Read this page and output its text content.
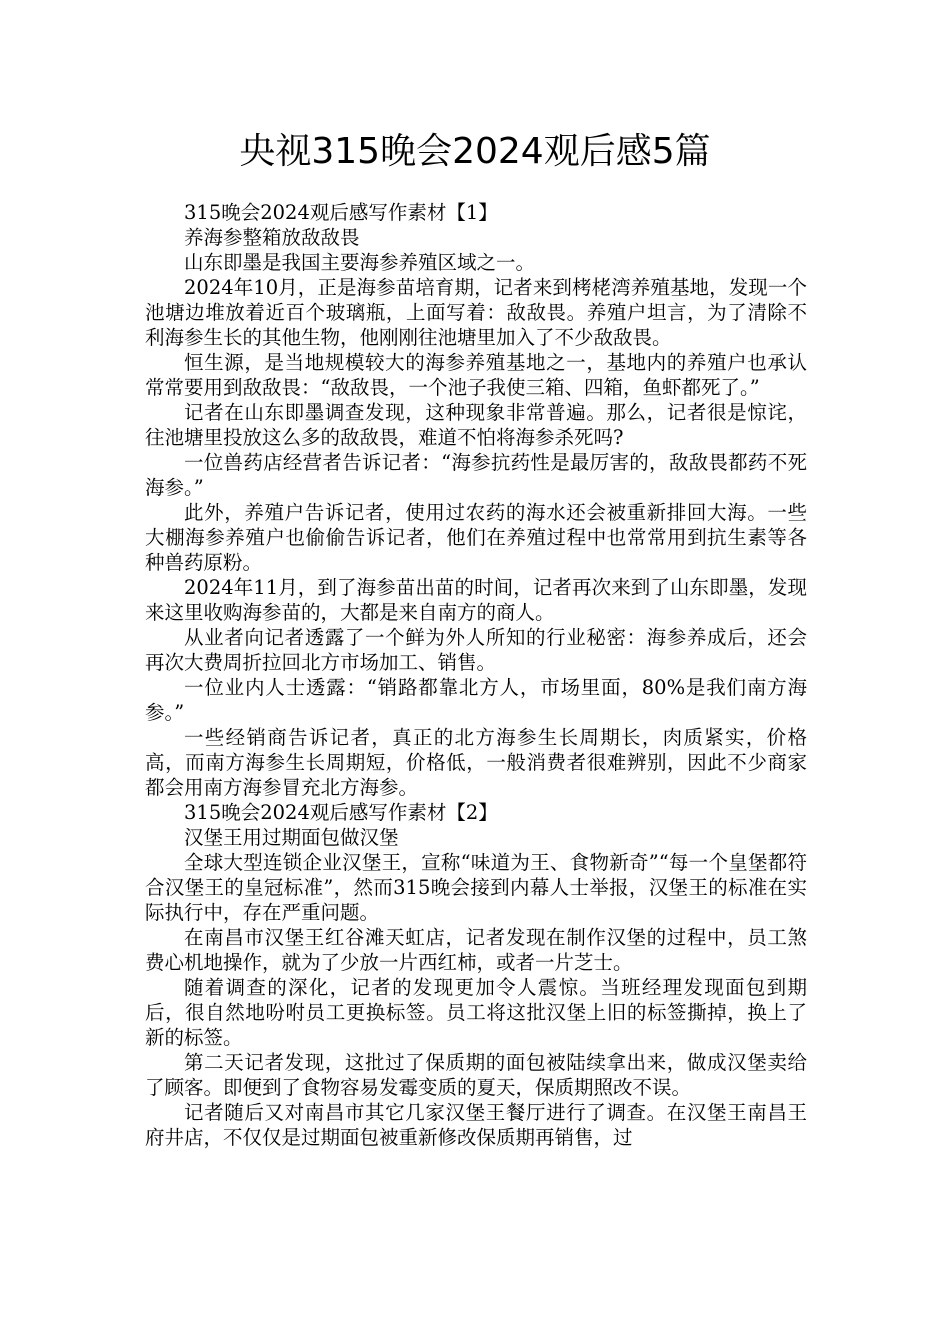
央视315晚会2024观后感5篇

315晚会2024观后感写作素材【1】

养海参整箱放敌敌畏

山东即墨是我国主要海参养殖区域之一。

2024年10月，正是海参苗培育期，记者来到栲栳湾养殖基地，发现一个池塘边堆放着近百个玻璃瓶，上面写着：敌敌畏。养殖户坦言，为了清除不利海参生长的其他生物，他刚刚往池塘里加入了不少敌敌畏。

恒生源，是当地规模较大的海参养殖基地之一，基地内的养殖户也承认常常要用到敌敌畏：“敌敌畏，一个池子我使三箱、四箱，鱼虾都死了。”

记者在山东即墨调查发现，这种现象非常普遍。那么，记者很是惊诧，往池塘里投放这么多的敌敌畏，难道不怕将海参杀死吗?

一位兽药店经营者告诉记者：“海参抗药性是最厉害的，敌敌畏都药不死海参。”

此外，养殖户告诉记者，使用过农药的海水还会被重新排回大海。一些大棚海参养殖户也偷偷告诉记者，他们在养殖过程中也常常用到抗生素等各种兽药原粉。

2024年11月，到了海参苗出苗的时间，记者再次来到了山东即墨，发现来这里收购海参苗的，大都是来自南方的商人。

从业者向记者透露了一个鲜为外人所知的行业秘密：海参养成后，还会再次大费周折拉回北方市场加工、销售。

一位业内人士透露：“销路都靠北方人，市场里面，80%是我们南方海参。”

一些经销商告诉记者，真正的北方海参生长周期长，肉质紧实，价格高，而南方海参生长周期短，价格低，一般消费者很难辨别，因此不少商家都会用南方海参冒充北方海参。

315晚会2024观后感写作素材【2】

汉堡王用过期面包做汉堡

全球大型连锁企业汉堡王，宣称“味道为王、食物新奇”“每一个皇堡都符合汉堡王的皇冠标准”，然而315晚会接到内幕人士举报，汉堡王的标准在实际执行中，存在严重问题。

在南昌市汉堡王红谷滩天虹店，记者发现在制作汉堡的过程中，员工煞费心机地操作，就为了少放一片西红柿，或者一片芝士。

随着调查的深化，记者的发现更加令人震惊。当班经理发现面包到期后，很自然地吩咐员工更换标签。员工将这批汉堡上旧的标签撕掉，换上了新的标签。

第二天记者发现，这批过了保质期的面包被陆续拿出来，做成汉堡卖给了顾客。即便到了食物容易发霉变质的夏天，保质期照改不误。

记者随后又对南昌市其它几家汉堡王餐厅进行了调查。在汉堡王南昌王府井店，不仅仅是过期面包被重新修改保质期再销售，过
